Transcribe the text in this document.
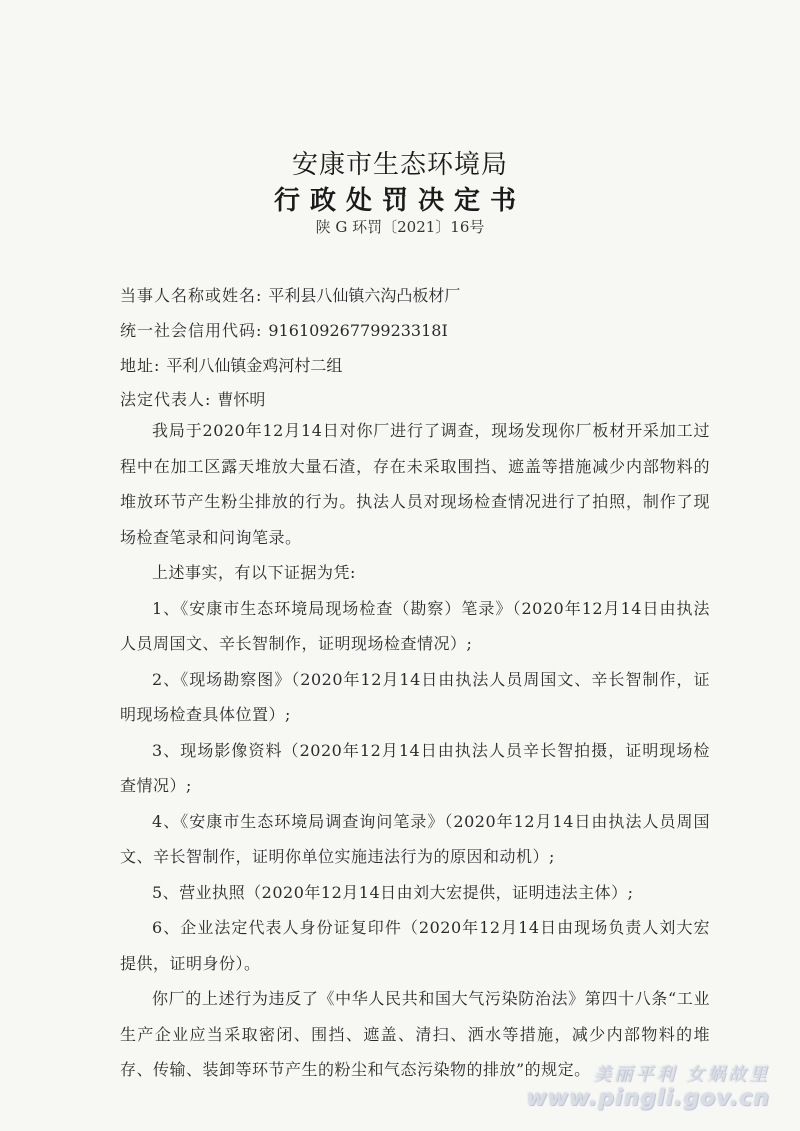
安康市生态环境局
行政处罚决定书
陕 G 环罚〔2021〕16号
当事人名称或姓名: 平利县八仙镇六沟凸板材厂
统一社会信用代码: 91610926779923318I
地址: 平利八仙镇金鸡河村二组
法定代表人: 曹怀明

我局于2020年12月14日对你厂进行了调查，现场发现你厂板材开采加工过程中在加工区露天堆放大量石渣，存在未采取围挡、遮盖等措施减少内部物料的堆放环节产生粉尘排放的行为。执法人员对现场检查情况进行了拍照，制作了现场检查笔录和问询笔录。

上述事实，有以下证据为凭:

1、《安康市生态环境局现场检查（勘察）笔录》（2020年12月14日由执法人员周国文、辛长智制作，证明现场检查情况）;

2、《现场勘察图》（2020年12月14日由执法人员周国文、辛长智制作，证明现场检查具体位置）;

3、现场影像资料（2020年12月14日由执法人员辛长智拍摄，证明现场检查情况）;

4、《安康市生态环境局调查询问笔录》（2020年12月14日由执法人员周国文、辛长智制作，证明你单位实施违法行为的原因和动机）;

5、营业执照（2020年12月14日由刘大宏提供，证明违法主体）;

6、企业法定代表人身份证复印件（2020年12月14日由现场负责人刘大宏提供，证明身份）。

你厂的上述行为违反了《中华人民共和国大气污染防治法》第四十八条“工业生产企业应当采取密闭、围挡、遮盖、清扫、洒水等措施，减少内部物料的堆存、传输、装卸等环节产生的粉尘和气态污染物的排放”的规定。 美丽平利 女娲故里
www.pingli.gov.cn
